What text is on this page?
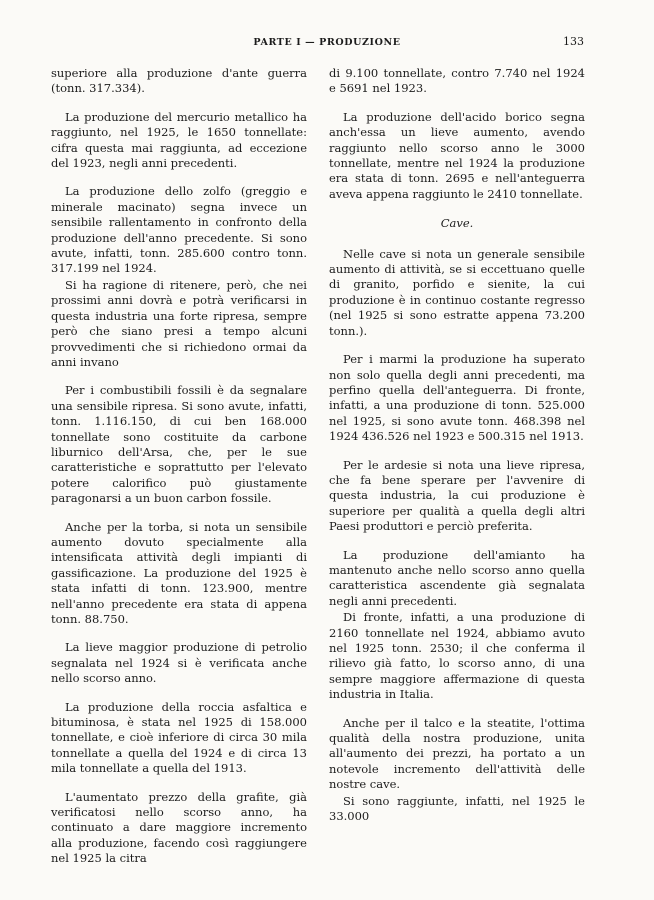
PARTE I — PRODUZIONE	133

superiore alla produzione d'ante guerra (tonn. 317.334).

La produzione del mercurio metallico ha raggiunto, nel 1925, le 1650 tonnellate: cifra questa mai raggiunta, ad eccezione del 1923, negli anni precedenti.

La produzione dello zolfo (greggio e minerale macinato) segna invece un sensibile rallentamento in confronto della produzione dell'anno precedente. Si sono avute, infatti, tonn. 285.600 contro tonn. 317.199 nel 1924.

Si ha ragione di ritenere, però, che nei prossimi anni dovrà e potrà verificarsi in questa industria una forte ripresa, sempre però che siano presi a tempo alcuni provvedimenti che si richiedono ormai da anni invano

Per i combustibili fossili è da segnalare una sensibile ripresa. Si sono avute, infatti, tonn. 1.116.150, di cui ben 168.000 tonnellate sono costituite da carbone liburnico dell'Arsa, che, per le sue caratteristiche e soprattutto per l'elevato potere calorifico può giustamente paragonarsi a un buon carbon fossile.

Anche per la torba, si nota un sensibile aumento dovuto specialmente alla intensificata attività degli impianti di gassificazione. La produzione del 1925 è stata infatti di tonn. 123.900, mentre nell'anno precedente era stata di appena tonn. 88.750.

La lieve maggior produzione di petrolio segnalata nel 1924 si è verificata anche nello scorso anno.

La produzione della roccia asfaltica e bituminosa, è stata nel 1925 di 158.000 tonnellate, e cioè inferiore di circa 30 mila tonnellate a quella del 1924 e di circa 13 mila tonnellate a quella del 1913.

L'aumentato prezzo della grafite, già verificatosi nello scorso anno, ha continuato a dare maggiore incremento alla produzione, facendo così raggiungere nel 1925 la citra

di 9.100 tonnellate, contro 7.740 nel 1924 e 5691 nel 1923.

La produzione dell'acido borico segna anch'essa un lieve aumento, avendo raggiunto nello scorso anno le 3000 tonnellate, mentre nel 1924 la produzione era stata di tonn. 2695 e nell'anteguerra aveva appena raggiunto le 2410 tonnellate.

Cave.

Nelle cave si nota un generale sensibile aumento di attività, se si eccettuano quelle di granito, porfido e sienite, la cui produzione è in continuo costante regresso (nel 1925 si sono estratte appena 73.200 tonn.).

Per i marmi la produzione ha superato non solo quella degli anni precedenti, ma perfino quella dell'anteguerra. Di fronte, infatti, a una produzione di tonn. 525.000 nel 1925, si sono avute tonn. 468.398 nel 1924 436.526 nel 1923 e 500.315 nel 1913.

Per le ardesie si nota una lieve ripresa, che fa bene sperare per l'avvenire di questa industria, la cui produzione è superiore per qualità a quella degli altri Paesi produttori e perciò preferita.

La produzione dell'amianto ha mantenuto anche nello scorso anno quella caratteristica ascendente già segnalata negli anni precedenti.

Di fronte, infatti, a una produzione di 2160 tonnellate nel 1924, abbiamo avuto nel 1925 tonn. 2530; il che conferma il rilievo già fatto, lo scorso anno, di una sempre maggiore affermazione di questa industria in Italia.

Anche per il talco e la steatite, l'ottima qualità della nostra produzione, unita all'aumento dei prezzi, ha portato a un notevole incremento dell'attività delle nostre cave.

Si sono raggiunte, infatti, nel 1925 le 33.000
